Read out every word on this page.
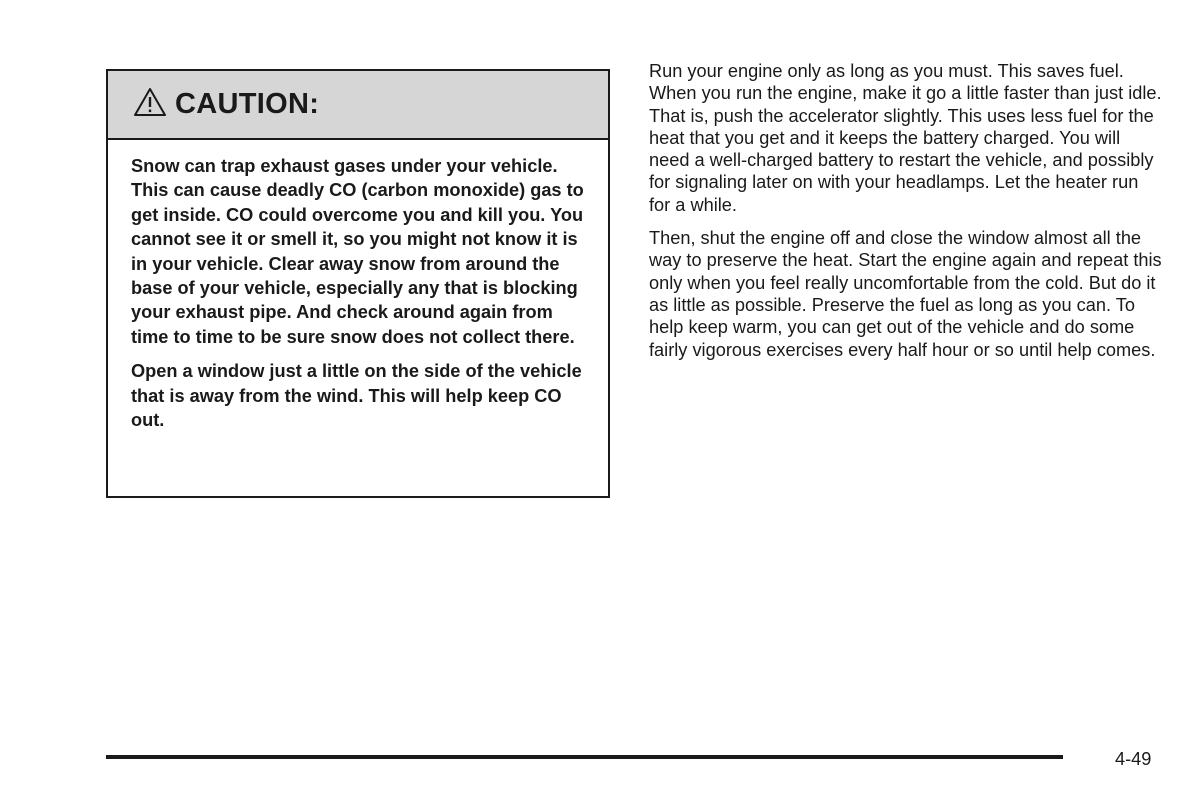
CAUTION:

Snow can trap exhaust gases under your vehicle. This can cause deadly CO (carbon monoxide) gas to get inside. CO could overcome you and kill you. You cannot see it or smell it, so you might not know it is in your vehicle. Clear away snow from around the base of your vehicle, especially any that is blocking your exhaust pipe. And check around again from time to time to be sure snow does not collect there.

Open a window just a little on the side of the vehicle that is away from the wind. This will help keep CO out.

Run your engine only as long as you must. This saves fuel. When you run the engine, make it go a little faster than just idle. That is, push the accelerator slightly. This uses less fuel for the heat that you get and it keeps the battery charged. You will need a well-charged battery to restart the vehicle, and possibly for signaling later on with your headlamps. Let the heater run for a while.

Then, shut the engine off and close the window almost all the way to preserve the heat. Start the engine again and repeat this only when you feel really uncomfortable from the cold. But do it as little as possible. Preserve the fuel as long as you can. To help keep warm, you can get out of the vehicle and do some fairly vigorous exercises every half hour or so until help comes.

4-49
